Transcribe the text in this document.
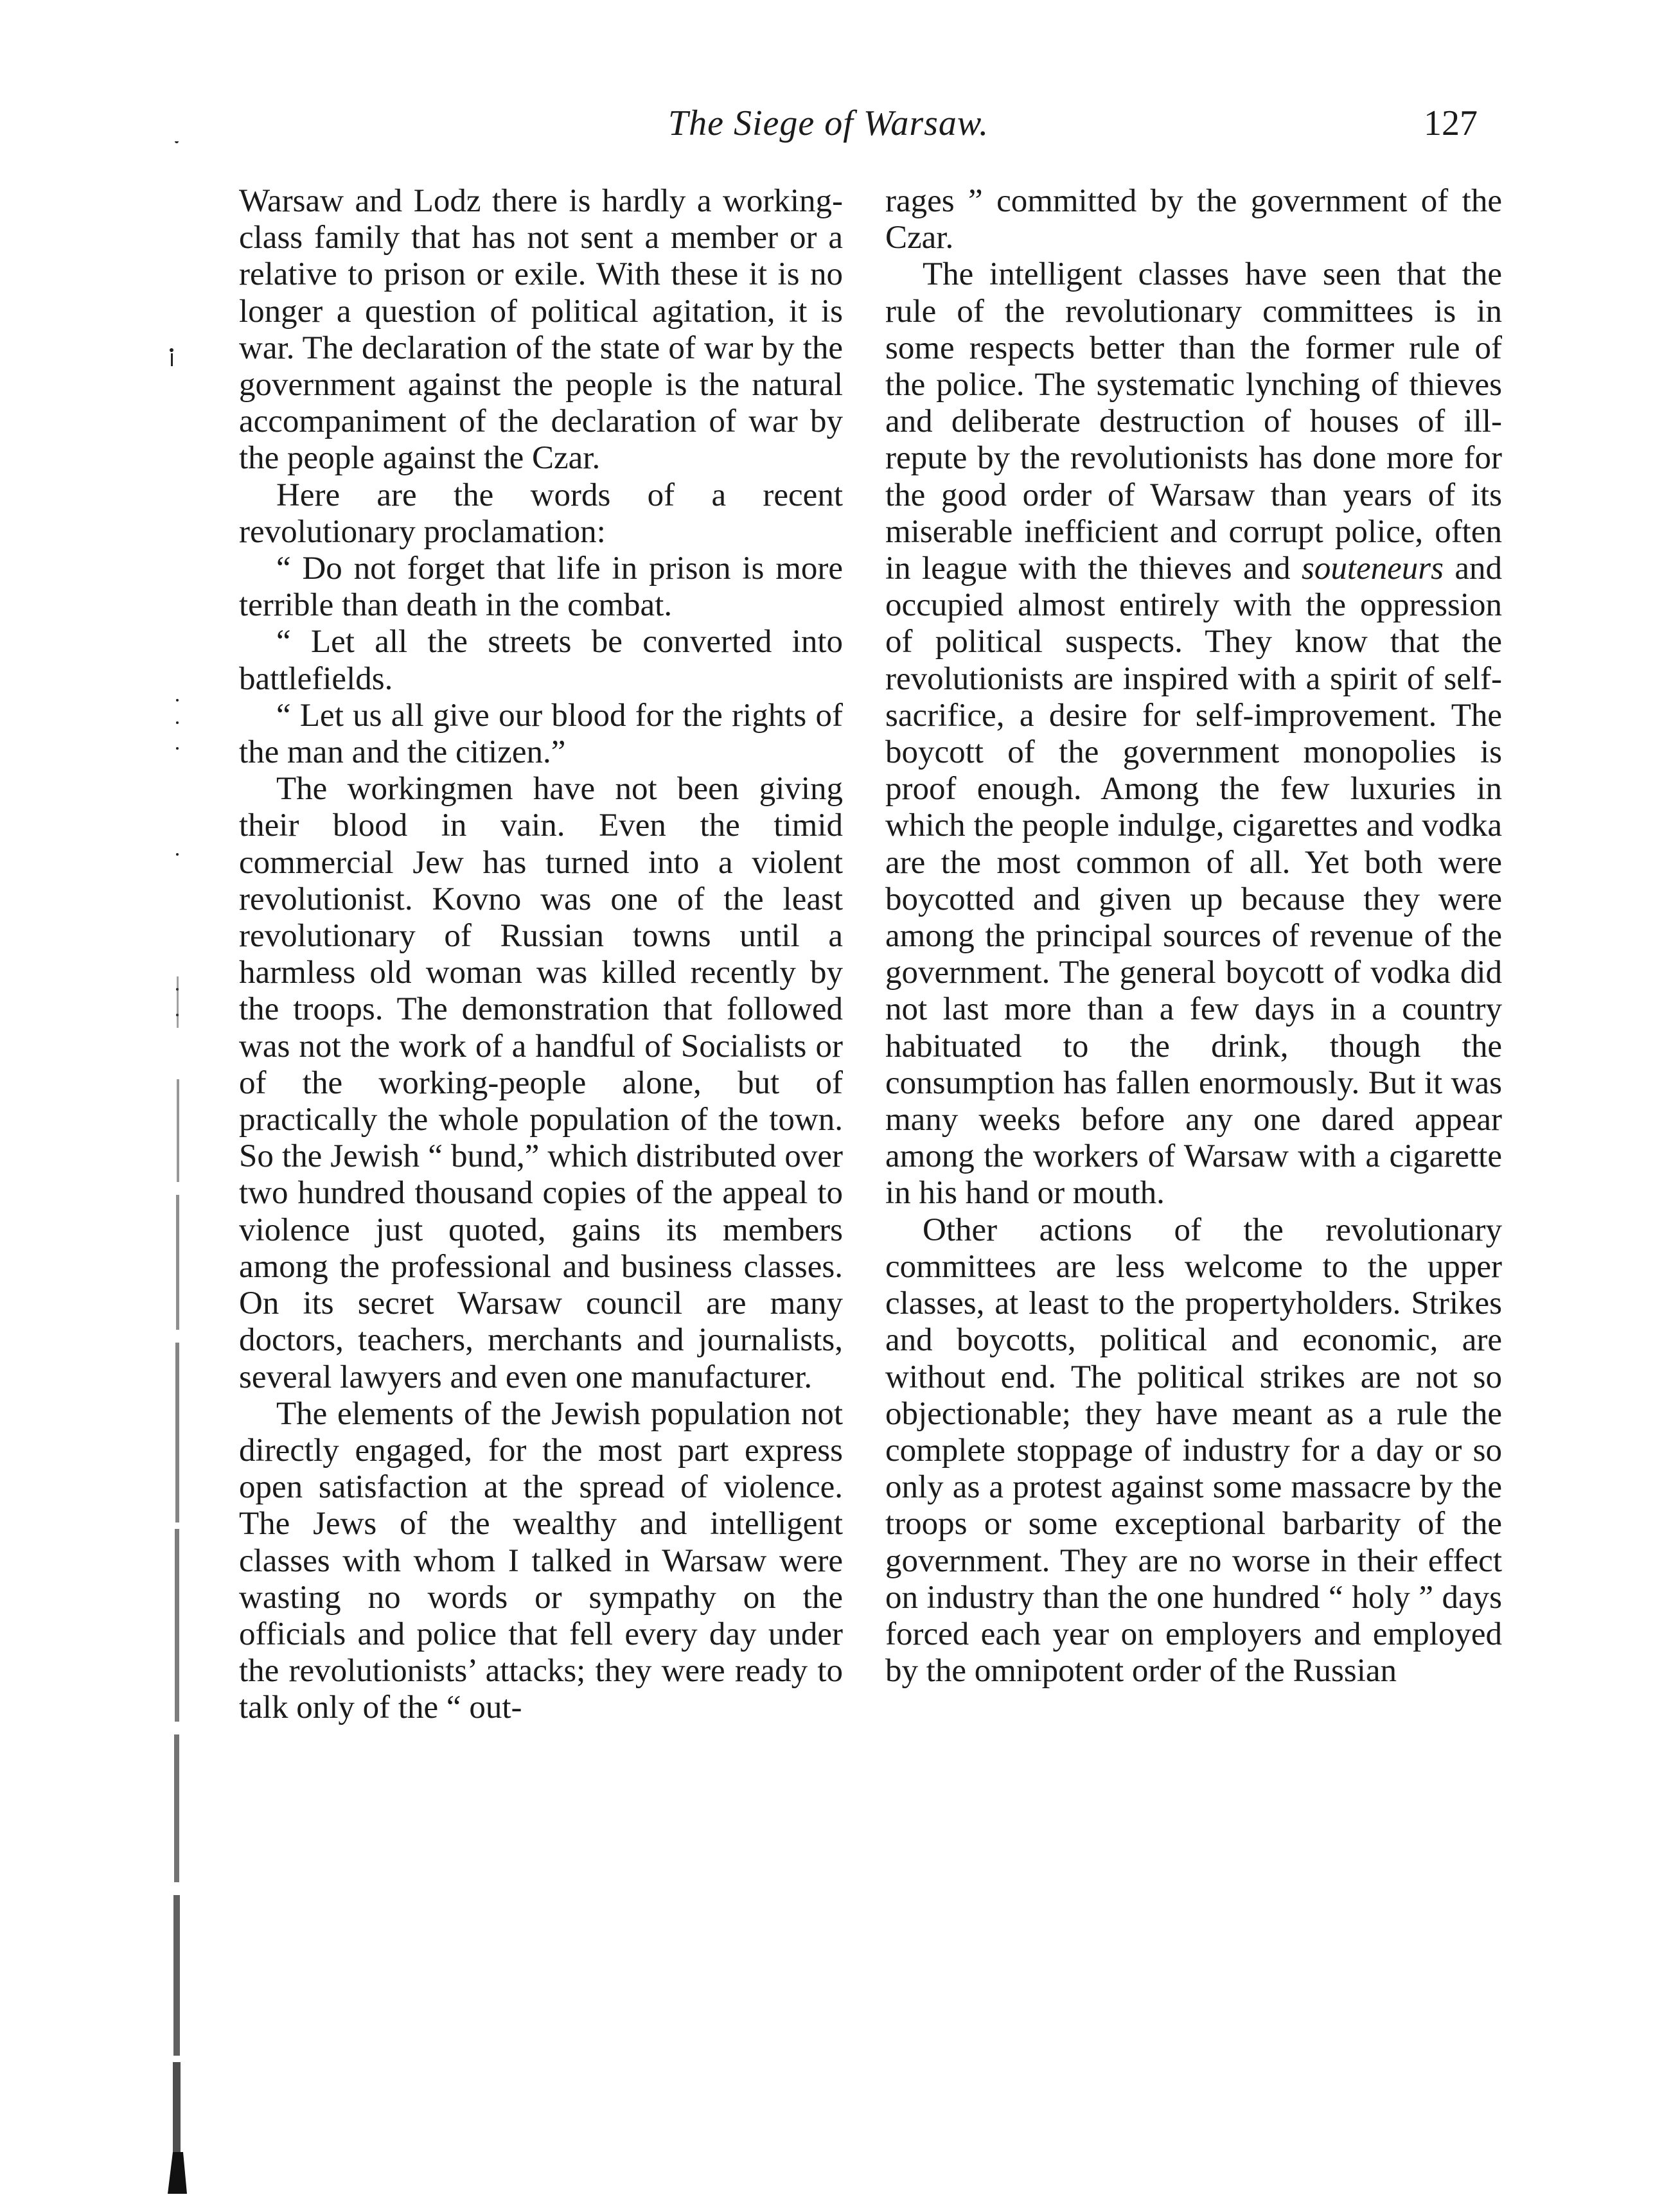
The Siege of Warsaw.	127

Warsaw and Lodz there is hardly a working-class family that has not sent a member or a relative to prison or exile. With these it is no longer a question of political agitation, it is war. The declaration of the state of war by the government against the people is the natural accompaniment of the declaration of war by the people against the Czar.

Here are the words of a recent revolutionary proclamation:

“ Do not forget that life in prison is more terrible than death in the combat.

“ Let all the streets be converted into battlefields.

“ Let us all give our blood for the rights of the man and the citizen.”

The workingmen have not been giving their blood in vain. Even the timid commercial Jew has turned into a violent revolutionist. Kovno was one of the least revolutionary of Russian towns until a harmless old woman was killed recently by the troops. The demonstration that followed was not the work of a handful of Socialists or of the working-people alone, but of practically the whole population of the town. So the Jewish “ bund,” which distributed over two hundred thousand copies of the appeal to violence just quoted, gains its members among the professional and business classes. On its secret Warsaw council are many doctors, teachers, merchants and journalists, several lawyers and even one manufacturer.

The elements of the Jewish population not directly engaged, for the most part express open satisfaction at the spread of violence. The Jews of the wealthy and intelligent classes with whom I talked in Warsaw were wasting no words or sympathy on the officials and police that fell every day under the revolutionists’ attacks; they were ready to talk only of the “ out-

rages ” committed by the government of the Czar.

The intelligent classes have seen that the rule of the revolutionary committees is in some respects better than the former rule of the police. The systematic lynching of thieves and deliberate destruction of houses of ill-repute by the revolutionists has done more for the good order of Warsaw than years of its miserable inefficient and corrupt police, often in league with the thieves and souteneurs and occupied almost entirely with the oppression of political suspects. They know that the revolutionists are inspired with a spirit of self-sacrifice, a desire for self-improvement. The boycott of the government monopolies is proof enough. Among the few luxuries in which the people indulge, cigarettes and vodka are the most common of all. Yet both were boycotted and given up because they were among the principal sources of revenue of the government. The general boycott of vodka did not last more than a few days in a country habituated to the drink, though the consumption has fallen enormously. But it was many weeks before any one dared appear among the workers of Warsaw with a cigarette in his hand or mouth.

Other actions of the revolutionary committees are less welcome to the upper classes, at least to the propertyholders. Strikes and boycotts, political and economic, are without end. The political strikes are not so objectionable; they have meant as a rule the complete stoppage of industry for a day or so only as a protest against some massacre by the troops or some exceptional barbarity of the government. They are no worse in their effect on industry than the one hundred “ holy ” days forced each year on employers and employed by the omnipotent order of the Russian
